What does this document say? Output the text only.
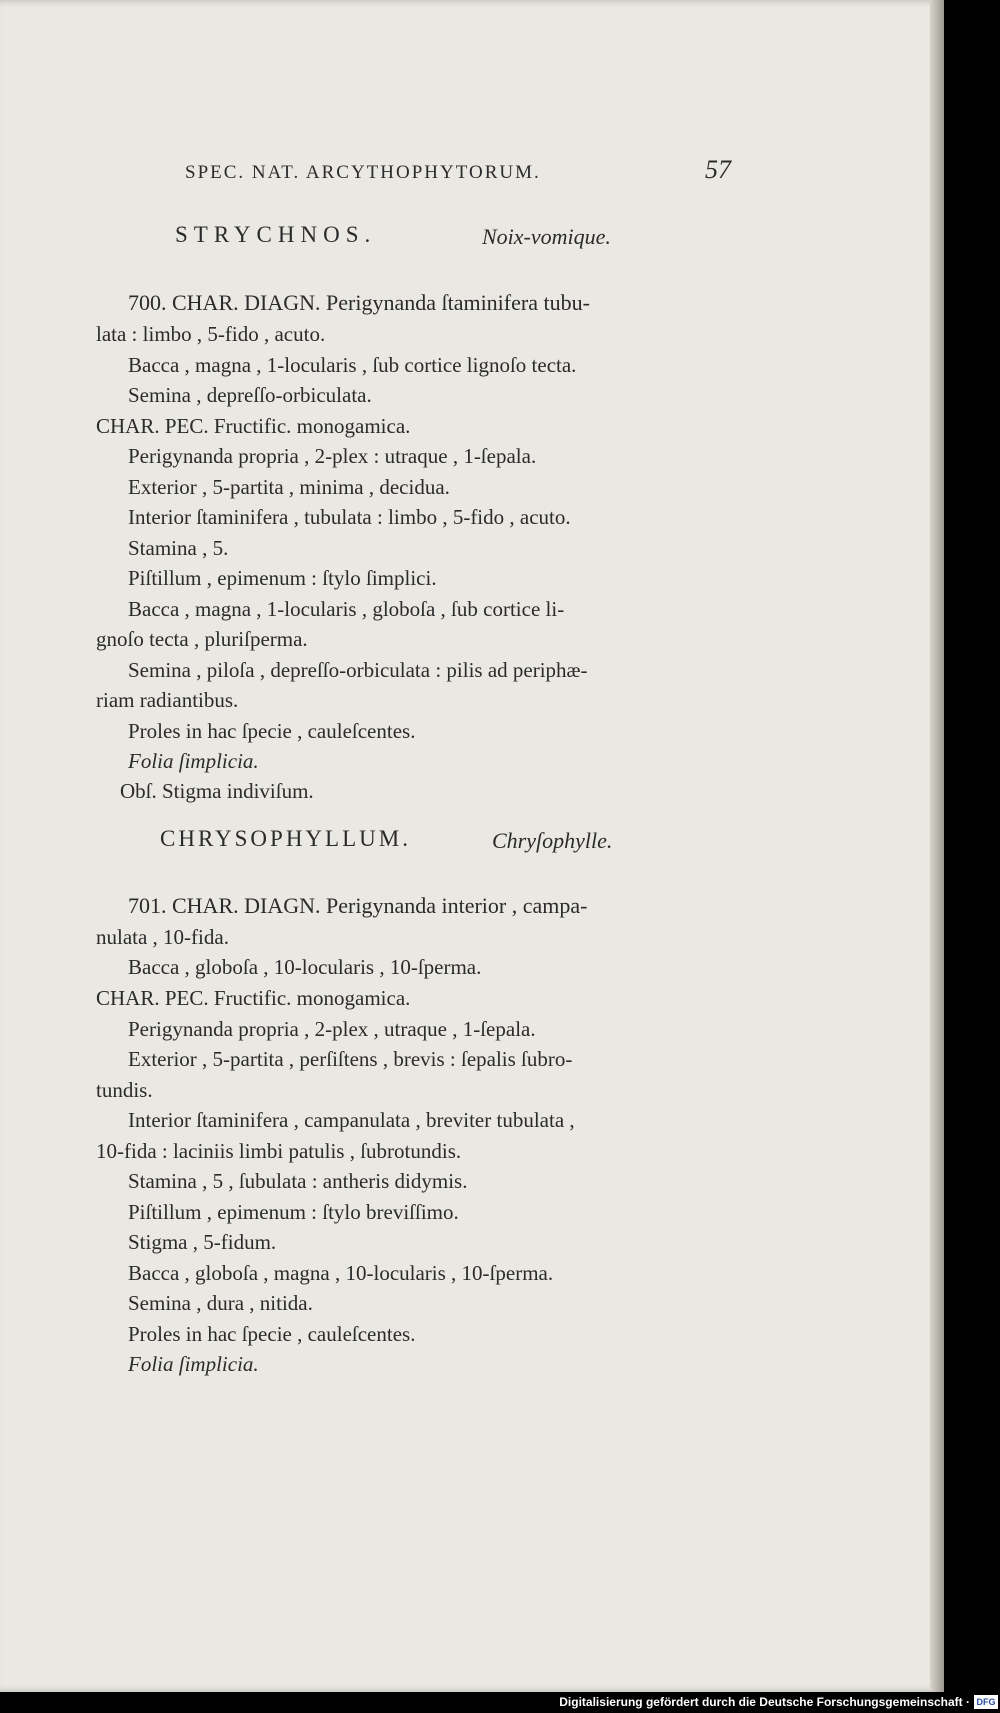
SPEC. NAT. ARCYTHOPHYTORUM.	57
STRYCHNOS.	Noix-vomique.
700. CHAR. DIAGN. Perigynanda ſtaminifera tubu-
lata : limbo , 5-fido , acuto.
Bacca , magna , 1-locularis , ſub cortice lignoſo tecta.
Semina , depreſſo-orbiculata.
CHAR. PEC. Fructific. monogamica.
Perigynanda propria , 2-plex : utraque , 1-ſepala.
Exterior , 5-partita , minima , decidua.
Interior ſtaminifera , tubulata : limbo , 5-fido , acuto.
Stamina , 5.
Piſtillum , epimenum : ſtylo ſimplici.
Bacca , magna , 1-locularis , globoſa , ſub cortice li-
gnoſo tecta , pluriſperma.
Semina , piloſa , depreſſo-orbiculata : pilis ad periphæ-
riam radiantibus.
Proles in hac ſpecie , cauleſcentes.
Folia ſimplicia.
Obſ. Stigma indiviſum.
CHRYSOPHYLLUM.	Chryſophylle.
701. CHAR. DIAGN. Perigynanda interior , campa-
nulata , 10-fida.
Bacca , globoſa , 10-locularis , 10-ſperma.
CHAR. PEC. Fructific. monogamica.
Perigynanda propria , 2-plex , utraque , 1-ſepala.
Exterior , 5-partita , perſiſtens , brevis : ſepalis ſubro-
tundis.
Interior ſtaminifera , campanulata , breviter tubulata ,
10-fida : laciniis limbi patulis , ſubrotundis.
Stamina , 5 , ſubulata : antheris didymis.
Piſtillum , epimenum : ſtylo breviſſimo.
Stigma , 5-fidum.
Bacca , globoſa , magna , 10-locularis , 10-ſperma.
Semina , dura , nitida.
Proles in hac ſpecie , cauleſcentes.
Folia ſimplicia.
Digitalisierung gefördert durch die Deutsche Forschungsgemeinschaft · DFG
